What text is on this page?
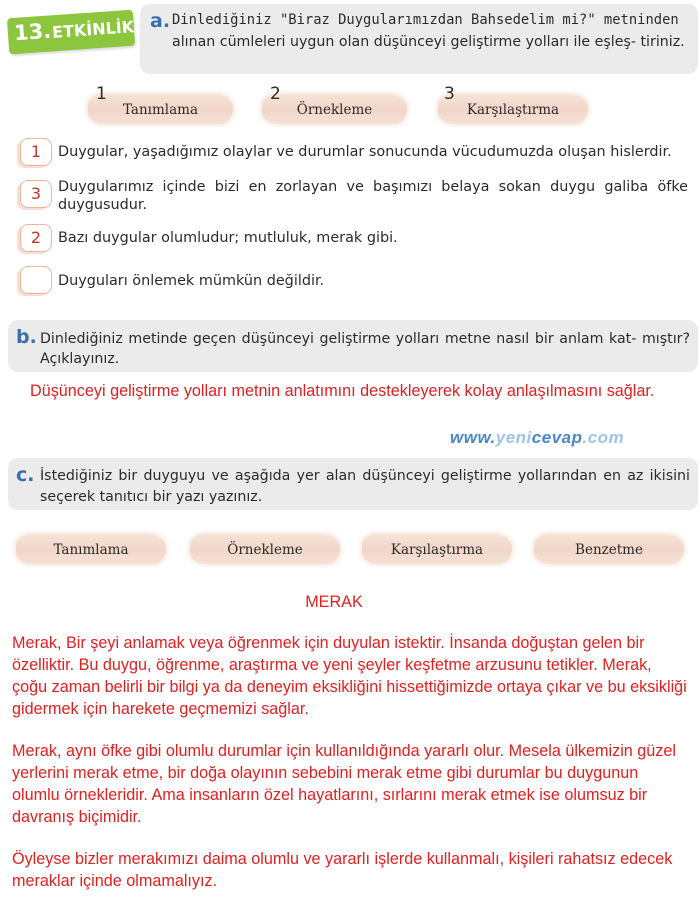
13. ETKİNLİK a. Dinlediğiniz "Biraz Duygularımızdan Bahsedelim mi?" metninden
alınan cümleleri uygun olan düşünceyi geliştirme yolları ile eşleş- tiriniz.
1
Tanımlama
2
Örnekleme
3
Karşılaştırma
1	Duygular, yaşadığımız olaylar ve durumlar sonucunda vücudumuzda oluşan hislerdir.
3	Duygularımız içinde bizi en zorlayan ve başımızı belaya sokan duygu galiba öfke duygusudur.
2	Bazı duygular olumludur; mutluluk, merak gibi.
Duyguları önlemek mümkün değildir.
b. Dinlediğiniz metinde geçen düşünceyi geliştirme yolları metne nasıl bir anlam kat- mıştır? Açıklayınız.
Düşünceyi geliştirme yolları metnin anlatımını destekleyerek kolay anlaşılmasını sağlar.
www.yenicevap.com
c. İstediğiniz bir duyguyu ve aşağıda yer alan düşünceyi geliştirme yollarından en az ikisini seçerek tanıtıcı bir yazı yazınız.
Tanımlama	Örnekleme	Karşılaştırma	Benzetme
MERAK
Merak, Bir şeyi anlamak veya öğrenmek için duyulan istektir. İnsanda doğuştan gelen bir özelliktir. Bu duygu, öğrenme, araştırma ve yeni şeyler keşfetme arzusunu tetikler. Merak, çoğu zaman belirli bir bilgi ya da deneyim eksikliğini hissettiğimizde ortaya çıkar ve bu eksikliği gidermek için harekete geçmemizi sağlar.
Merak, aynı öfke gibi olumlu durumlar için kullanıldığında yararlı olur. Mesela ülkemizin güzel yerlerini merak etme, bir doğa olayının sebebini merak etme gibi durumlar bu duygunun olumlu örnekleridir. Ama insanların özel hayatlarını, sırlarını merak etmek ise olumsuz bir davranış biçimidir.
Öyleyse bizler merakımızı daima olumlu ve yararlı işlerde kullanmalı, kişileri rahatsız edecek meraklar içinde olmamalıyız.
